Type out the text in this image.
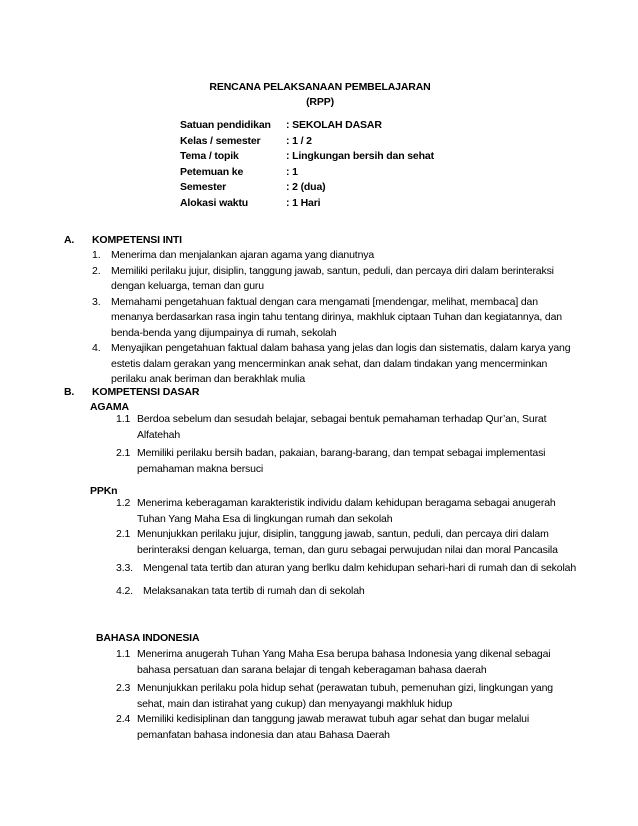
RENCANA PELAKSANAAN PEMBELAJARAN
(RPP)
Satuan pendidikan	: SEKOLAH DASAR
Kelas / semester	: 1 / 2
Tema / topik	: Lingkungan bersih dan sehat
Petemuan ke	: 1
Semester	: 2 (dua)
Alokasi waktu	: 1 Hari
A. KOMPETENSI INTI
1.	Menerima dan menjalankan ajaran agama yang dianutnya
2.	Memiliki perilaku jujur, disiplin, tanggung jawab, santun, peduli, dan percaya diri dalam berinteraksi dengan keluarga, teman dan guru
3.	Memahami pengetahuan faktual dengan cara mengamati [mendengar, melihat, membaca] dan menanya berdasarkan rasa ingin tahu tentang dirinya, makhluk ciptaan Tuhan dan kegiatannya, dan benda-benda yang dijumpainya di rumah, sekolah
4.	Menyajikan pengetahuan faktual dalam bahasa yang jelas dan logis dan sistematis, dalam karya yang estetis dalam gerakan yang mencerminkan anak sehat, dan dalam tindakan yang mencerminkan perilaku anak beriman dan berakhlak mulia
B. KOMPETENSI DASAR
AGAMA
1.1 Berdoa sebelum dan sesudah belajar, sebagai bentuk pemahaman terhadap Qur’an, Surat Alfatehah
2.1 Memiliki perilaku bersih badan, pakaian, barang-barang, dan tempat sebagai implementasi pemahaman makna bersuci
PPKn
1.2 Menerima keberagaman karakteristik individu dalam kehidupan beragama sebagai anugerah Tuhan Yang Maha Esa di lingkungan rumah dan sekolah
2.1 Menunjukkan perilaku jujur, disiplin, tanggung jawab, santun, peduli, dan percaya diri dalam berinteraksi dengan keluarga, teman, dan guru sebagai perwujudan nilai dan moral Pancasila
3.3. Mengenal tata tertib dan aturan yang berlku dalm kehidupan sehari-hari di rumah dan di sekolah
4.2. Melaksanakan tata tertib di rumah dan di sekolah
BAHASA INDONESIA
1.1 Menerima anugerah Tuhan Yang Maha Esa berupa bahasa Indonesia yang dikenal sebagai bahasa persatuan dan sarana belajar di tengah keberagaman bahasa daerah
2.3 Menunjukkan perilaku pola hidup sehat (perawatan tubuh, pemenuhan gizi, lingkungan yang sehat, main dan istirahat yang cukup) dan menyayangi makhluk hidup
2.4 Memiliki kedisiplinan dan tanggung jawab merawat tubuh agar sehat dan bugar melalui pemanfatan bahasa indonesia dan atau Bahasa Daerah
